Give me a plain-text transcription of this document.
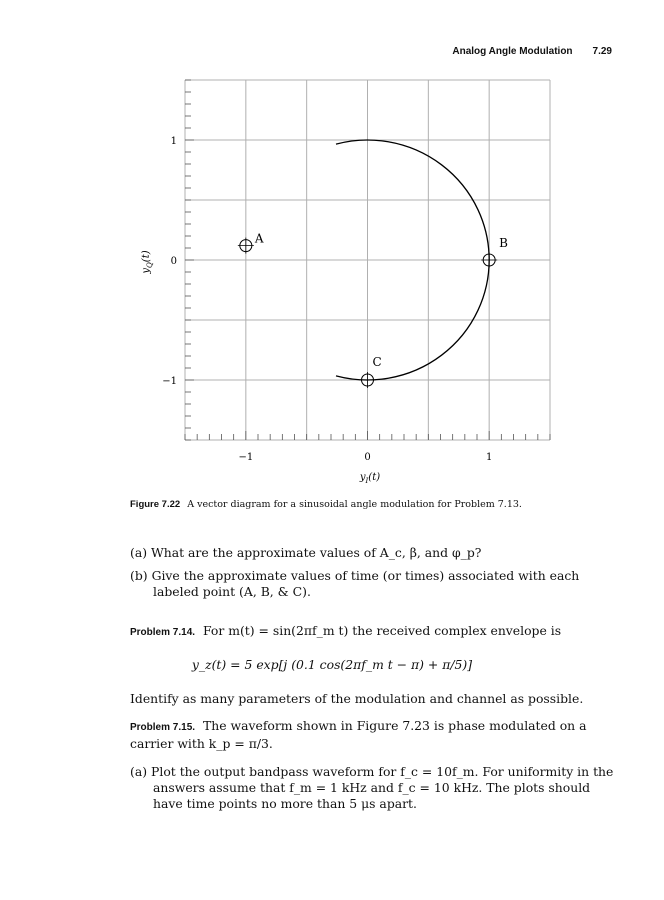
Analog Angle Modulation 7.29
A	B
C
−1	0	1
1
0
−1
$y_I(t)$
$y_Q(t)$
Figure 7.22 A vector diagram for a sinusoidal angle modulation for Problem 7.13.
(a) What are the approximate values of A_c, β, and φ_p?
(b) Give the approximate values of time (or times) associated with each labeled point (A, B, & C).
Problem 7.14. For m(t) = sin(2πf_m t) the received complex envelope is
y_z(t) = 5 exp[j (0.1 cos(2πf_m t − π) + π/5)]
Identify as many parameters of the modulation and channel as possible.
Problem 7.15. The waveform shown in Figure 7.23 is phase modulated on a carrier with k_p = π/3.
(a) Plot the output bandpass waveform for f_c = 10f_m. For uniformity in the answers assume that f_m = 1 kHz and f_c = 10 kHz. The plots should have time points no more than 5 μs apart.
